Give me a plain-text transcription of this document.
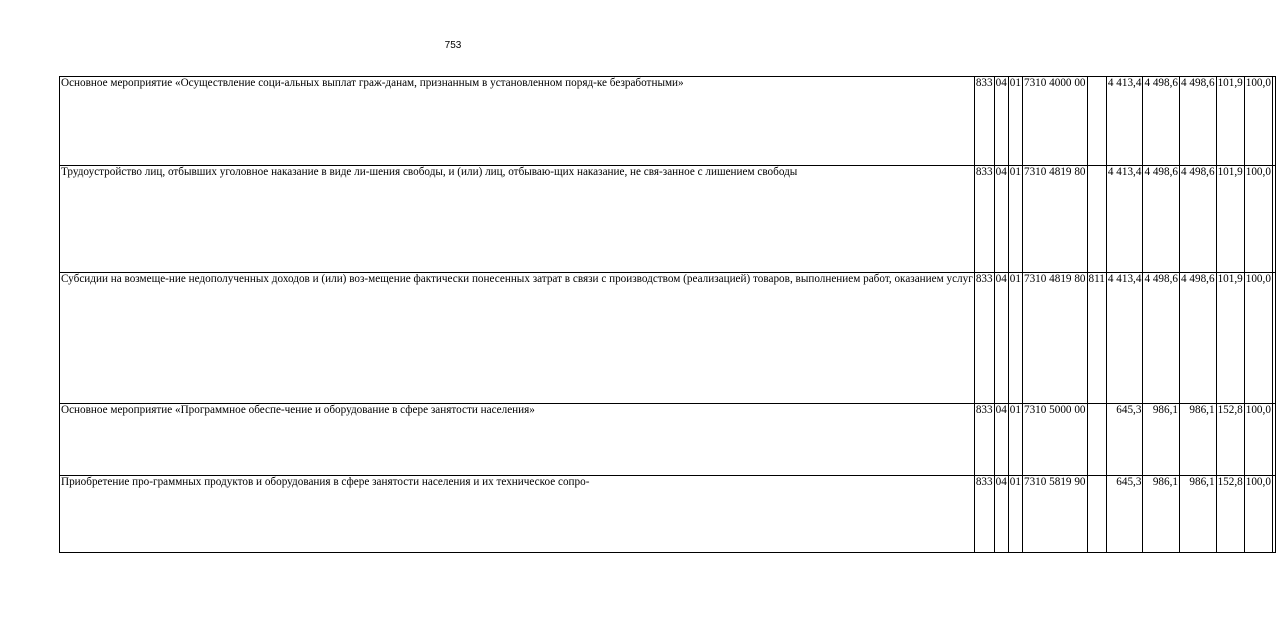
753
Основное мероприятие «Осуществление соци-альных выплат граж-данам, признанным в установленном поряд-ке безработными»	833	04	01	7310 4000 00		4 413,4	4 498,6	4 498,6	101,9	100,0	
Трудоустройство лиц, отбывших уголовное наказание в виде ли-шения свободы, и (или) лиц, отбываю-щих наказание, не свя-занное с лишением свободы	833	04	01	7310 4819 80		4 413,4	4 498,6	4 498,6	101,9	100,0	
Субсидии на возмеще-ние недополученных доходов и (или) воз-мещение фактически понесенных затрат в связи с производством (реализацией) товаров, выполнением работ, оказанием услуг	833	04	01	7310 4819 80	811	4 413,4	4 498,6	4 498,6	101,9	100,0	
Основное мероприятие «Программное обеспе-чение и оборудование в сфере занятости населения»	833	04	01	7310 5000 00		645,3	986,1	986,1	152,8	100,0	
Приобретение про-граммных продуктов и оборудования в сфере занятости населения и их техническое сопро-	833	04	01	7310 5819 90		645,3	986,1	986,1	152,8	100,0	
